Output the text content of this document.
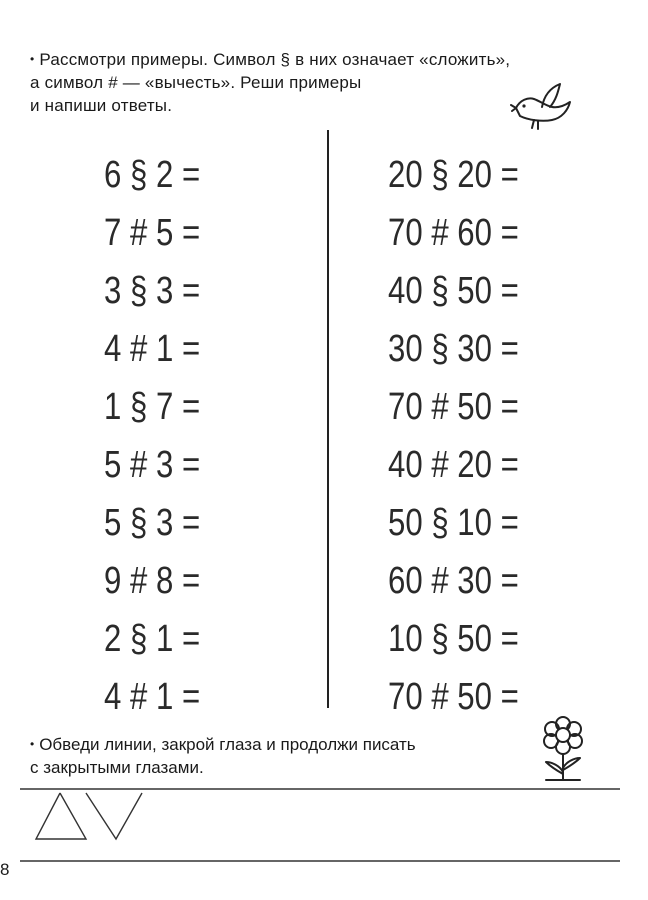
• Рассмотри примеры. Символ § в них означает «сложить»,

а символ # — «вычесть». Реши примеры

и напиши ответы.

6 § 2 =
7 # 5 =
3 § 3 =
4 # 1 =
1 § 7 =
5 # 3 =
5 § 3 =
9 # 8 =
2 § 1 =
4 # 1 =
20 § 20 =
70 # 60 =
40 § 50 =
30 § 30 =
70 # 50 =
40 # 20 =
50 § 10 =
60 # 30 =
10 § 50 =
70 # 50 =

• Обведи линии, закрой глаза и продолжи писать

с закрытыми глазами.

8
